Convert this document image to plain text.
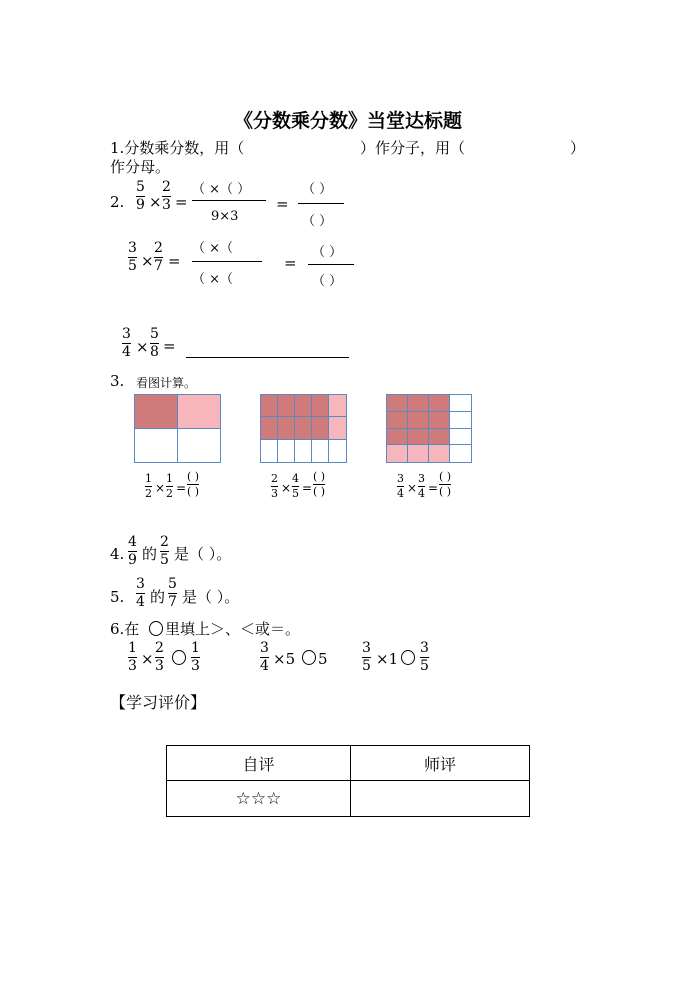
《分数乘分数》当堂达标题
1.分数乘分数，用（	）作分子，用（	）
作分母。
2.
5
9 ×
2
3 =
（ ×（ ）
9×3
=
（ ）
（ ）
3
5 ×
2
7 =
（ ×（
（ ×（
=
（ ）
（ ）
3
4 ×
5
8 =
3. 看图计算。
1
2 ×
1
2 =
( )
( )
2
3 ×
4
5 =
( )
( )
3
4 ×
3
4 =
( )
( )
4.
4
9 的
2
5 是（ ）。
5.
3
4 的
5
7 是（ ）。
6.在 里填上＞、＜或＝。
1
3 ×
2
3
1
3
3
4 ×5 5
3
5 ×1
3
5
【学习评价】
自评	师评
☆☆☆	
